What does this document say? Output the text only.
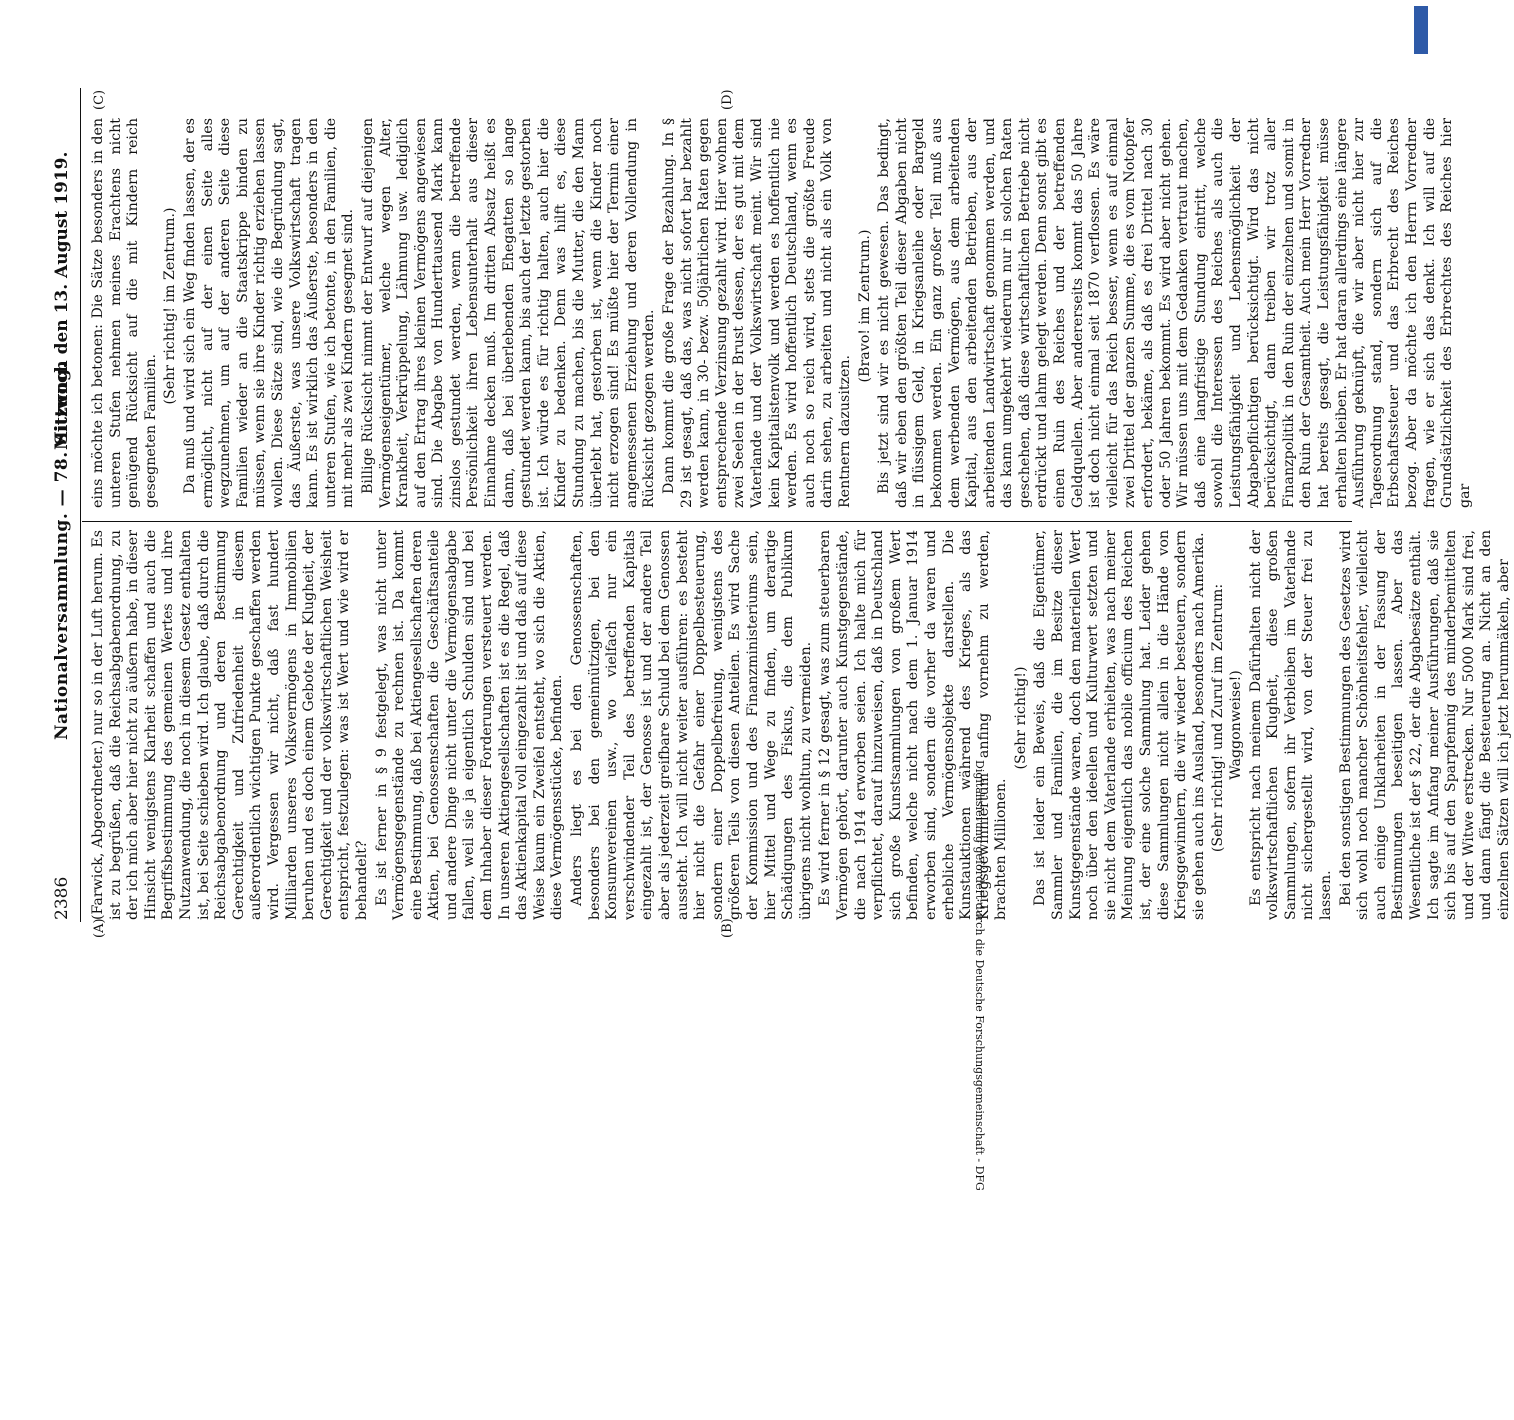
2386
Nationalversammlung. — 78. Sitzung.
Mittwoch den 13. August 1919.
(A)	(B)
(C)	(D)

(Farwick, Abgeordneter.) nur so in der Luft herum. Es ist zu begrüßen, daß die Reichsabgabenordnung, zu der ich mich aber hier nicht zu äußern habe, in dieser Hinsicht wenigstens Klarheit schaffen und auch die Begriffsbestimmung des gemeinen Wertes und ihre Nutzanwendung, die noch in diesem Gesetz enthalten ist, bei Seite schieben wird. Ich glaube, daß durch die Reichsabgabenordnung und deren Bestimmung Gerechtigkeit und Zufriedenheit in diesem außerordentlich wichtigen Punkte geschaffen werden wird. Vergessen wir nicht, daß fast hundert Milliarden unseres Volksvermögens in Immobilien beruhen und es doch einem Gebote der Klugheit, der Gerechtigkeit und der volkswirtschaftlichen Weisheit entspricht, festzulegen: was ist Wert und wie wird er behandelt? Es ist ferner in § 9 festgelegt, was nicht unter Vermögensgegenstände zu rechnen ist. Da kommt eine Bestimmung, daß bei Aktiengesellschaften deren Aktien, bei Genossenschaften die Geschäftsanteile und andere Dinge nicht unter die Vermögensabgabe fallen, weil sie ja eigentlich Schulden sind und bei dem Inhaber dieser Forderungen versteuert werden. In unseren Aktiengesellschaften ist es die Regel, daß das Aktienkapital voll eingezahlt ist und daß auf diese Weise kaum ein Zweifel entsteht, wo sich die Aktien, diese Vermögensstücke, befinden. Anders liegt es bei den Genossenschaften, besonders bei den gemeinnützigen, bei den Konsumvereinen usw., wo vielfach nur ein verschwindender Teil des betreffenden Kapitals eingezahlt ist, der Genosse ist und der andere Teil aber als jederzeit greifbare Schuld bei dem Genossen aussteht. Ich will nicht weiter ausführen: es besteht hier nicht die Gefahr einer Doppelbesteuerung, sondern einer Doppelbefreiung, wenigstens des größeren Teils von diesen Anteilen. Es wird Sache der Kommission und des Finanzministeriums sein, hier Mittel und Wege zu finden, um derartige Schädigungen des Fiskus, die dem Publikum übrigens nicht wohltun, zu vermeiden. Es wird ferner in § 12 gesagt, was zum steuerbaren Vermögen gehört, darunter auch Kunstgegenstände, die nach 1914 erworben seien. Ich halte mich für verpflichtet, darauf hinzuweisen, daß in Deutschland sich große Kunstsammlungen von großem Wert befinden, welche nicht nach dem 1. Januar 1914 erworben sind, sondern die vorher da waren und erhebliche Vermögensobjekte darstellen. Die Kunstauktionen während des Krieges, als das Kriegsgewinnlertum anfing vornehm zu werden, brachten Millionen.

(Sehr richtig!) Das ist leider ein Beweis, daß die Eigentümer, Sammler und Familien, die im Besitze dieser Kunstgegenstände waren, doch den materiellen Wert noch über den ideellen und Kulturwert setzten und sie nicht dem Vaterlande erhielten, was nach meiner Meinung eigentlich das nobile officium des Reichen ist, der eine solche Sammlung hat. Leider gehen diese Sammlungen nicht allein in die Hände von Kriegsgewinnlern, die wir wieder besteuern, sondern sie gehen auch ins Ausland, besonders nach Amerika. (Sehr richtig! und Zuruf im Zentrum: Waggonweise!) Es entspricht nach meinem Dafürhalten nicht der volkswirtschaftlichen Klugheit, diese großen Sammlungen, sofern ihr Verbleiben im Vaterlande nicht sichergestellt wird, von der Steuer frei zu lassen. Bei den sonstigen Bestimmungen des Gesetzes wird sich wohl noch mancher Schönheitsfehler, vielleicht auch einige Unklarheiten in der Fassung der Bestimmungen beseitigen lassen. Aber das Wesentliche ist der § 22, der die Abgabesätze enthält. Ich sagte im Anfang meiner Ausführungen, daß sie sich bis auf den Sparpfennig des minderbemittelten und der Witwe erstrecken. Nur 5000 Mark sind frei, und dann fängt die Besteuerung an. Nicht an den einzelnen Sätzen will ich jetzt herummäkeln, aber

eins möchte ich betonen: Die Sätze besonders in den unteren Stufen nehmen meines Erachtens nicht genügend Rücksicht auf die mit Kindern reich gesegneten Familien.

(Sehr richtig! im Zentrum.) Da muß und wird sich ein Weg finden lassen, der es ermöglicht, nicht auf der einen Seite alles wegzunehmen, um auf der anderen Seite diese Familien wieder an die Staatskrippe binden zu müssen, wenn sie ihre Kinder richtig erziehen lassen wollen. Diese Sätze sind, wie die Begründung sagt, das Äußerste, was unsere Volkswirtschaft tragen kann. Es ist wirklich das Äußerste, besonders in den unteren Stufen, wie ich betonte, in den Familien, die mit mehr als zwei Kindern gesegnet sind. Billige Rücksicht nimmt der Entwurf auf diejenigen Vermögenseigentümer, welche wegen Alter, Krankheit, Verkrüppelung, Lähmung usw. lediglich auf den Ertrag ihres kleinen Vermögens angewiesen sind. Die Abgabe von Hunderttausend Mark kann zinslos gestundet werden, wenn die betreffende Persönlichkeit ihren Lebensunterhalt aus dieser Einnahme decken muß. Im dritten Absatz heißt es dann, daß bei überlebenden Ehegatten so lange gestundet werden kann, bis auch der letzte gestorben ist. Ich würde es für richtig halten, auch hier die Kinder zu bedenken. Denn was hilft es, diese Stundung zu machen, bis die Mutter, die den Mann überlebt hat, gestorben ist, wenn die Kinder noch nicht erzogen sind! Es müßte hier der Termin einer angemessenen Erziehung und deren Vollendung in Rücksicht gezogen werden. Dann kommt die große Frage der Bezahlung. In § 29 ist gesagt, daß das, was nicht sofort bar bezahlt werden kann, in 30- bezw. 50jährlichen Raten gegen entsprechende Verzinsung gezahlt wird. Hier wohnen zwei Seelen in der Brust dessen, der es gut mit dem Vaterlande und der Volkswirtschaft meint. Wir sind kein Kapitalistenvolk und werden es hoffentlich nie werden. Es wird hoffentlich Deutschland, wenn es auch noch so reich wird, stets die größte Freude darin sehen, zu arbeiten und nicht als ein Volk von Rentnern dazusitzen.

(Bravo! im Zentrum.) Bis jetzt sind wir es nicht gewesen. Das bedingt, daß wir eben den größten Teil dieser Abgaben nicht in flüssigem Geld, in Kriegsanleihe oder Bargeld bekommen werden. Ein ganz großer Teil muß aus dem werbenden Vermögen, aus dem arbeitenden Kapital, aus den arbeitenden Betrieben, aus der arbeitenden Landwirtschaft genommen werden, und das kann umgekehrt wiederum nur in solchen Raten geschehen, daß diese wirtschaftlichen Betriebe nicht erdrückt und lahm gelegt werden. Denn sonst gibt es einen Ruin des Reiches und der betreffenden Geldquellen. Aber andererseits kommt das 50 Jahre ist doch nicht einmal seit 1870 verflossen. Es wäre vielleicht für das Reich besser, wenn es auf einmal zwei Drittel der ganzen Summe, die es vom Notopfer erfordert, bekäme, als daß es drei Drittel nach 30 oder 50 Jahren bekommt. Es wird aber nicht gehen. Wir müssen uns mit dem Gedanken vertraut machen, daß eine langfristige Stundung eintritt, welche sowohl die Interessen des Reiches als auch die Leistungsfähigkeit und Lebensmöglichkeit der Abgabepflichtigen berücksichtigt. Wird das nicht berücksichtigt, dann treiben wir trotz aller Finanzpolitik in den Ruin der einzelnen und somit in den Ruin der Gesamtheit. Auch mein Herr Vorredner hat bereits gesagt, die Leistungsfähigkeit müsse erhalten bleiben. Er hat daran allerdings eine längere Ausführung geknüpft, die wir aber nicht hier zur Tagesordnung stand, sondern sich auf die Erbschaftssteuer und das Erbrecht des Reiches bezog. Aber da möchte ich den Herrn Vorredner fragen, wie er sich das denkt. Ich will auf die Grundsätzlichkeit des Erbrechtes des Reiches hier gar

Digitalisierung gefördert durch die Deutsche Forschungsgemeinschaft - DFG
